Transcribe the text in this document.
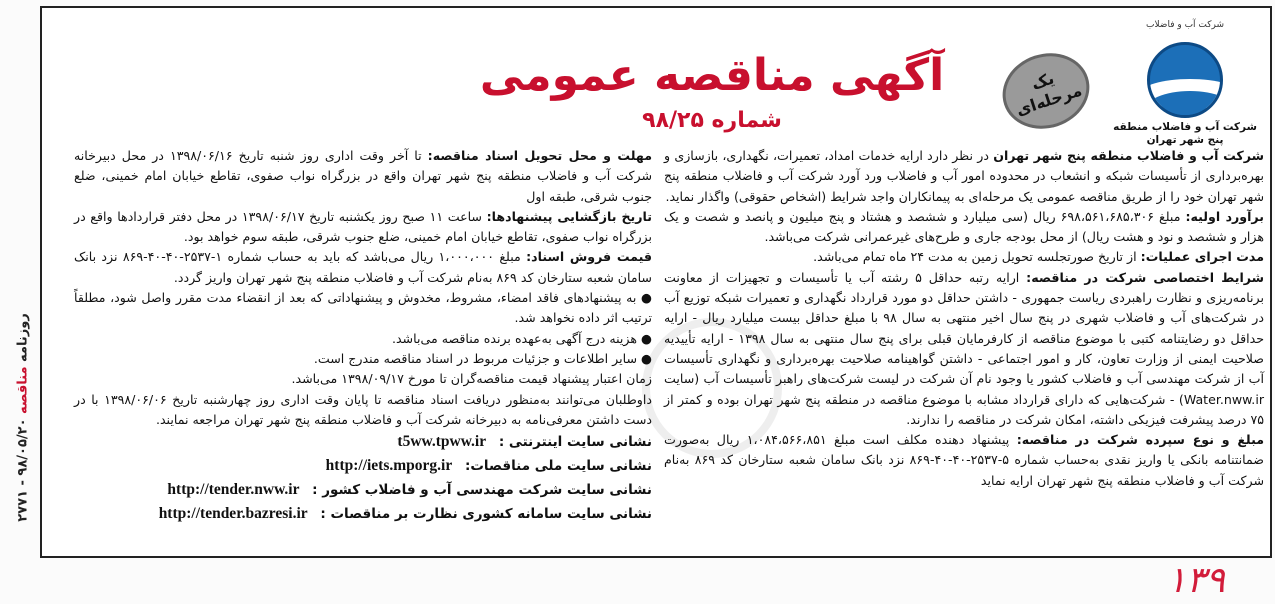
روزنامه مناقصه ۹۸/۰۵/۲۰ - ۲۷۷۱
شرکت آب و فاضلاب
شرکت آب و فاضلاب منطقه پنج شهر تهران
یک مرحله‌ای
آگهی مناقصه عمومی
شماره ۹۸/۲۵

شرکت آب و فاضلاب منطقه پنج شهر تهران در نظر دارد ارایه خدمات امداد، تعمیرات، نگهداری، بازسازی و بهره‌برداری از تأسیسات شبکه و انشعاب در محدوده امور آب و فاضلاب ورد آورد شرکت آب و فاضلاب منطقه پنج شهر تهران خود را از طریق مناقصه عمومی یک مرحله‌ای به پیمانکاران واجد شرایط (اشخاص حقوقی) واگذار نماید.

برآورد اولیه: مبلغ ۶۹۸،۵۶۱،۶۸۵،۳۰۶ ریال (سی میلیارد و ششصد و هشتاد و پنج میلیون و پانصد و شصت و یک هزار و ششصد و نود و هشت ریال) از محل بودجه جاری و طرح‌های غیرعمرانی شرکت می‌باشد.

مدت اجرای عملیات: از تاریخ صورتجلسه تحویل زمین به مدت ۲۴ ماه تمام می‌باشد.

شرایط اختصاصی شرکت در مناقصه: ارایه رتبه حداقل ۵ رشته آب یا تأسیسات و تجهیزات از معاونت برنامه‌ریزی و نظارت راهبردی ریاست جمهوری - داشتن حداقل دو مورد قرارداد نگهداری و تعمیرات شبکه توزیع آب در شرکت‌های آب و فاضلاب شهری در پنج سال اخیر منتهی به سال ۹۸ با مبلغ حداقل بیست میلیارد ریال - ارایه حداقل دو رضایتنامه کتبی با موضوع مناقصه از کارفرمایان قبلی برای پنج سال منتهی به سال ۱۳۹۸ - ارایه تأییدیه صلاحیت ایمنی از وزارت تعاون، کار و امور اجتماعی - داشتن گواهینامه صلاحیت بهره‌برداری و نگهداری تأسیسات آب از شرکت مهندسی آب و فاضلاب کشور یا وجود نام آن شرکت در لیست شرکت‌های راهبر تأسیسات آب (سایت Water.nww.ir) - شرکت‌هایی که دارای قرارداد مشابه با موضوع مناقصه در منطقه پنج شهر تهران بوده و کمتر از ۷۵ درصد پیشرفت فیزیکی داشته، امکان شرکت در مناقصه را ندارند.

مبلغ و نوع سپرده شرکت در مناقصه: پیشنهاد دهنده مکلف است مبلغ ۱،۰۸۴،۵۶۶،۸۵۱ ریال به‌صورت ضمانتنامه بانکی یا واریز نقدی به‌حساب شماره ۵-۲۵۳۷-۴۰-۴۰-۸۶۹ نزد بانک سامان شعبه ستارخان کد ۸۶۹ به‌نام شرکت آب و فاضلاب منطقه پنج شهر تهران ارایه نماید

مهلت و محل تحویل اسناد مناقصه: تا آخر وقت اداری روز شنبه تاریخ ۱۳۹۸/۰۶/۱۶ در محل دبیرخانه شرکت آب و فاضلاب منطقه پنج شهر تهران واقع در بزرگراه نواب صفوی، تقاطع خیابان امام خمینی، ضلع جنوب شرقی، طبقه اول

تاریخ بازگشایی پیشنهادها: ساعت ۱۱ صبح روز یکشنبه تاریخ ۱۳۹۸/۰۶/۱۷ در محل دفتر قراردادها واقع در بزرگراه نواب صفوی، تقاطع خیابان امام خمینی، ضلع جنوب شرقی، طبقه سوم خواهد بود.

قیمت فروش اسناد: مبلغ ۱،۰۰۰،۰۰۰ ریال می‌باشد که باید به حساب شماره ۱-۲۵۳۷-۴۰-۴۰-۸۶۹ نزد بانک سامان شعبه ستارخان کد ۸۶۹ به‌نام شرکت آب و فاضلاب منطقه پنج شهر تهران واریز گردد.

● به پیشنهادهای فاقد امضاء، مشروط، مخدوش و پیشنهاداتی که بعد از انقضاء مدت مقرر واصل شود، مطلقاً ترتیب اثر داده نخواهد شد.

● هزینه درج آگهی به‌عهده برنده مناقصه می‌باشد.

● سایر اطلاعات و جزئیات مربوط در اسناد مناقصه مندرج است.

زمان اعتبار پیشنهاد قیمت مناقصه‌گران تا مورخ ۱۳۹۸/۰۹/۱۷ می‌باشد.

داوطلبان می‌توانند به‌منظور دریافت اسناد مناقصه تا پایان وقت اداری روز چهارشنبه تاریخ ۱۳۹۸/۰۶/۰۶ با در دست داشتن معرفی‌نامه به دبیرخانه شرکت آب و فاضلاب منطقه پنج شهر تهران مراجعه نمایند.

نشانی سایت اینترنتی : t5ww.tpww.ir
نشانی سایت ملی مناقصات: http://iets.mporg.ir
نشانی سایت شرکت مهندسی آب و فاضلاب کشور : http://tender.nww.ir
نشانی سایت سامانه کشوری نظارت بر مناقصات : http://tender.bazresi.ir
۱۳۹
